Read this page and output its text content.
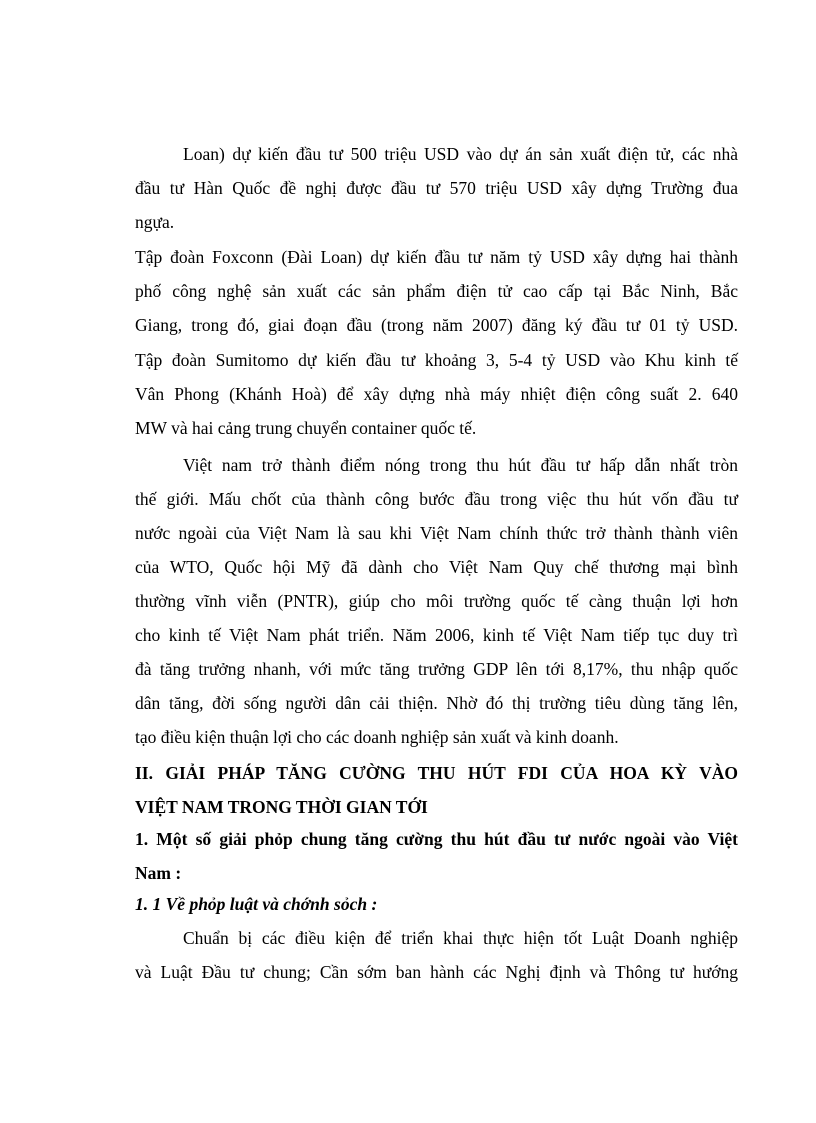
Loan) dự kiến đầu tư 500 triệu USD vào dự án sản xuất điện tử, các nhà
đầu tư Hàn Quốc đề nghị được đầu tư 570 triệu USD xây dựng Trường đua
ngựa.
Tập đoàn Foxconn (Đài Loan) dự kiến đầu tư năm tỷ USD xây dựng hai thành
phố công nghệ sản xuất các sản phẩm điện tử cao cấp tại Bắc Ninh, Bắc
Giang, trong đó, giai đoạn đầu (trong năm 2007) đăng ký đầu tư 01 tỷ USD.
Tập đoàn Sumitomo dự kiến đầu tư khoảng 3, 5-4 tỷ USD vào Khu kinh tế
Vân Phong (Khánh Hoà) để xây dựng nhà máy nhiệt điện công suất 2. 640
MW và hai cảng trung chuyển container quốc tế.
Việt nam trở thành điểm nóng trong thu hút đầu tư hấp dẫn nhất tròn
thế giới. Mấu chốt của thành công bước đầu trong việc thu hút vốn đầu tư
nước ngoài của Việt Nam là sau khi Việt Nam chính thức trở thành thành viên
của WTO, Quốc hội Mỹ đã dành cho Việt Nam Quy chế thương mại bình
thường vĩnh viễn (PNTR), giúp cho môi trường quốc tế càng thuận lợi hơn
cho kinh tế Việt Nam phát triển. Năm 2006, kinh tế Việt Nam tiếp tục duy trì
đà tăng trưởng nhanh, với mức tăng trưởng GDP lên tới 8,17%, thu nhập quốc
dân tăng, đời sống người dân cải thiện. Nhờ đó thị trường tiêu dùng tăng lên,
tạo điều kiện thuận lợi cho các doanh nghiệp sản xuất và kinh doanh.
II. GIẢI PHÁP TĂNG CƯỜNG THU HÚT FDI CỦA HOA KỲ VÀO
VIỆT NAM TRONG THỜI GIAN TỚI
1. Một số giải phỏp chung tăng cường thu hút đầu tư nước ngoài vào Việt
Nam :
1. 1 Về phỏp luật và chớnh sỏch :
Chuẩn bị các điều kiện để triển khai thực hiện tốt Luật Doanh nghiệp
và Luật Đầu tư chung; Cần sớm ban hành các Nghị định và Thông tư hướng
